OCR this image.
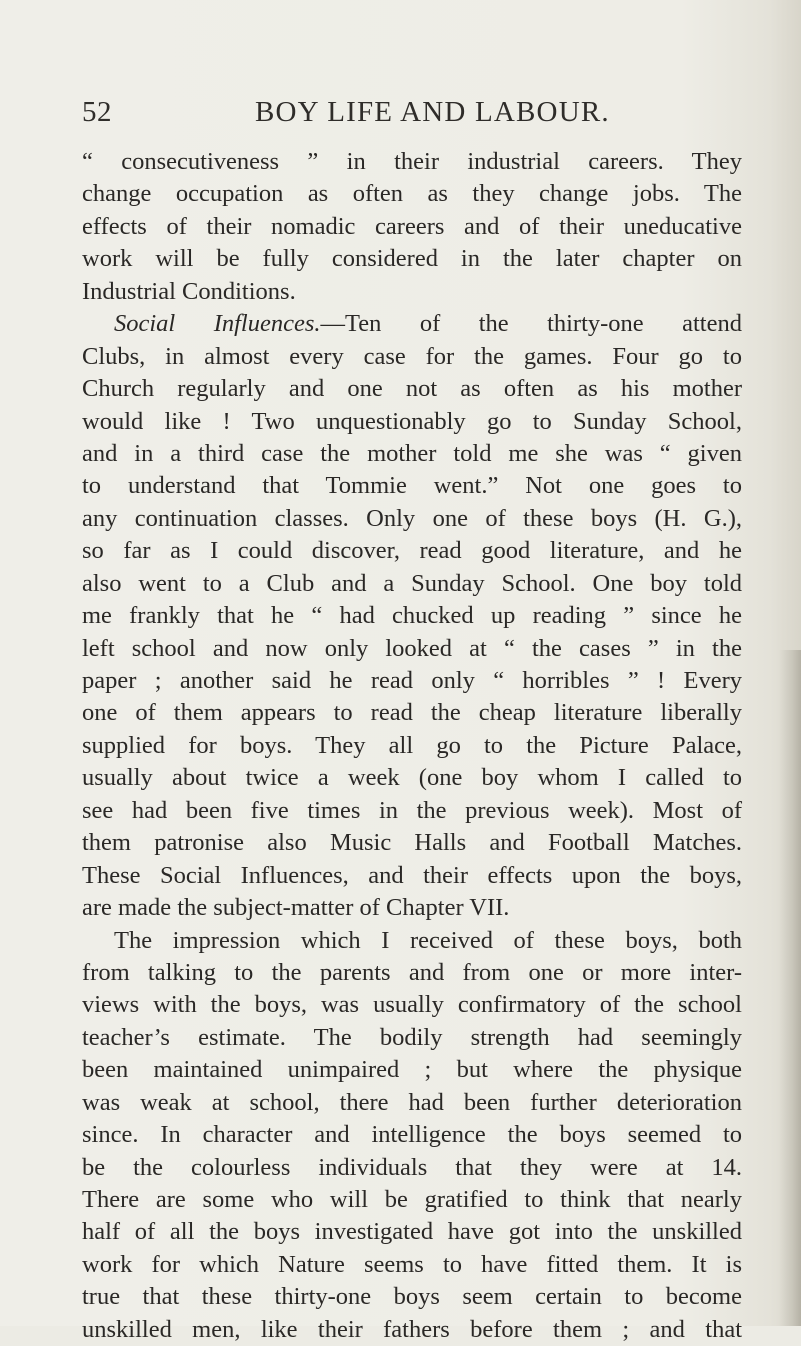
52	BOY LIFE AND LABOUR.
“ consecutiveness ” in their industrial careers. They
change occupation as often as they change jobs. The
effects of their nomadic careers and of their uneducative
work will be fully considered in the later chapter on
Industrial Conditions.
Social Influences.—Ten of the thirty-one attend
Clubs, in almost every case for the games. Four go to
Church regularly and one not as often as his mother
would like ! Two unquestionably go to Sunday School,
and in a third case the mother told me she was “ given
to understand that Tommie went.” Not one goes to
any continuation classes. Only one of these boys (H. G.),
so far as I could discover, read good literature, and he
also went to a Club and a Sunday School. One boy told
me frankly that he “ had chucked up reading ” since he
left school and now only looked at “ the cases ” in the
paper ; another said he read only “ horribles ” ! Every
one of them appears to read the cheap literature liberally
supplied for boys. They all go to the Picture Palace,
usually about twice a week (one boy whom I called to
see had been five times in the previous week). Most of
them patronise also Music Halls and Football Matches.
These Social Influences, and their effects upon the boys,
are made the subject-matter of Chapter VII.
The impression which I received of these boys, both
from talking to the parents and from one or more inter-
views with the boys, was usually confirmatory of the school
teacher’s estimate. The bodily strength had seemingly
been maintained unimpaired ; but where the physique
was weak at school, there had been further deterioration
since. In character and intelligence the boys seemed to
be the colourless individuals that they were at 14.
There are some who will be gratified to think that nearly
half of all the boys investigated have got into the unskilled
work for which Nature seems to have fitted them. It is
true that these thirty-one boys seem certain to become
unskilled men, like their fathers before them ; and that
